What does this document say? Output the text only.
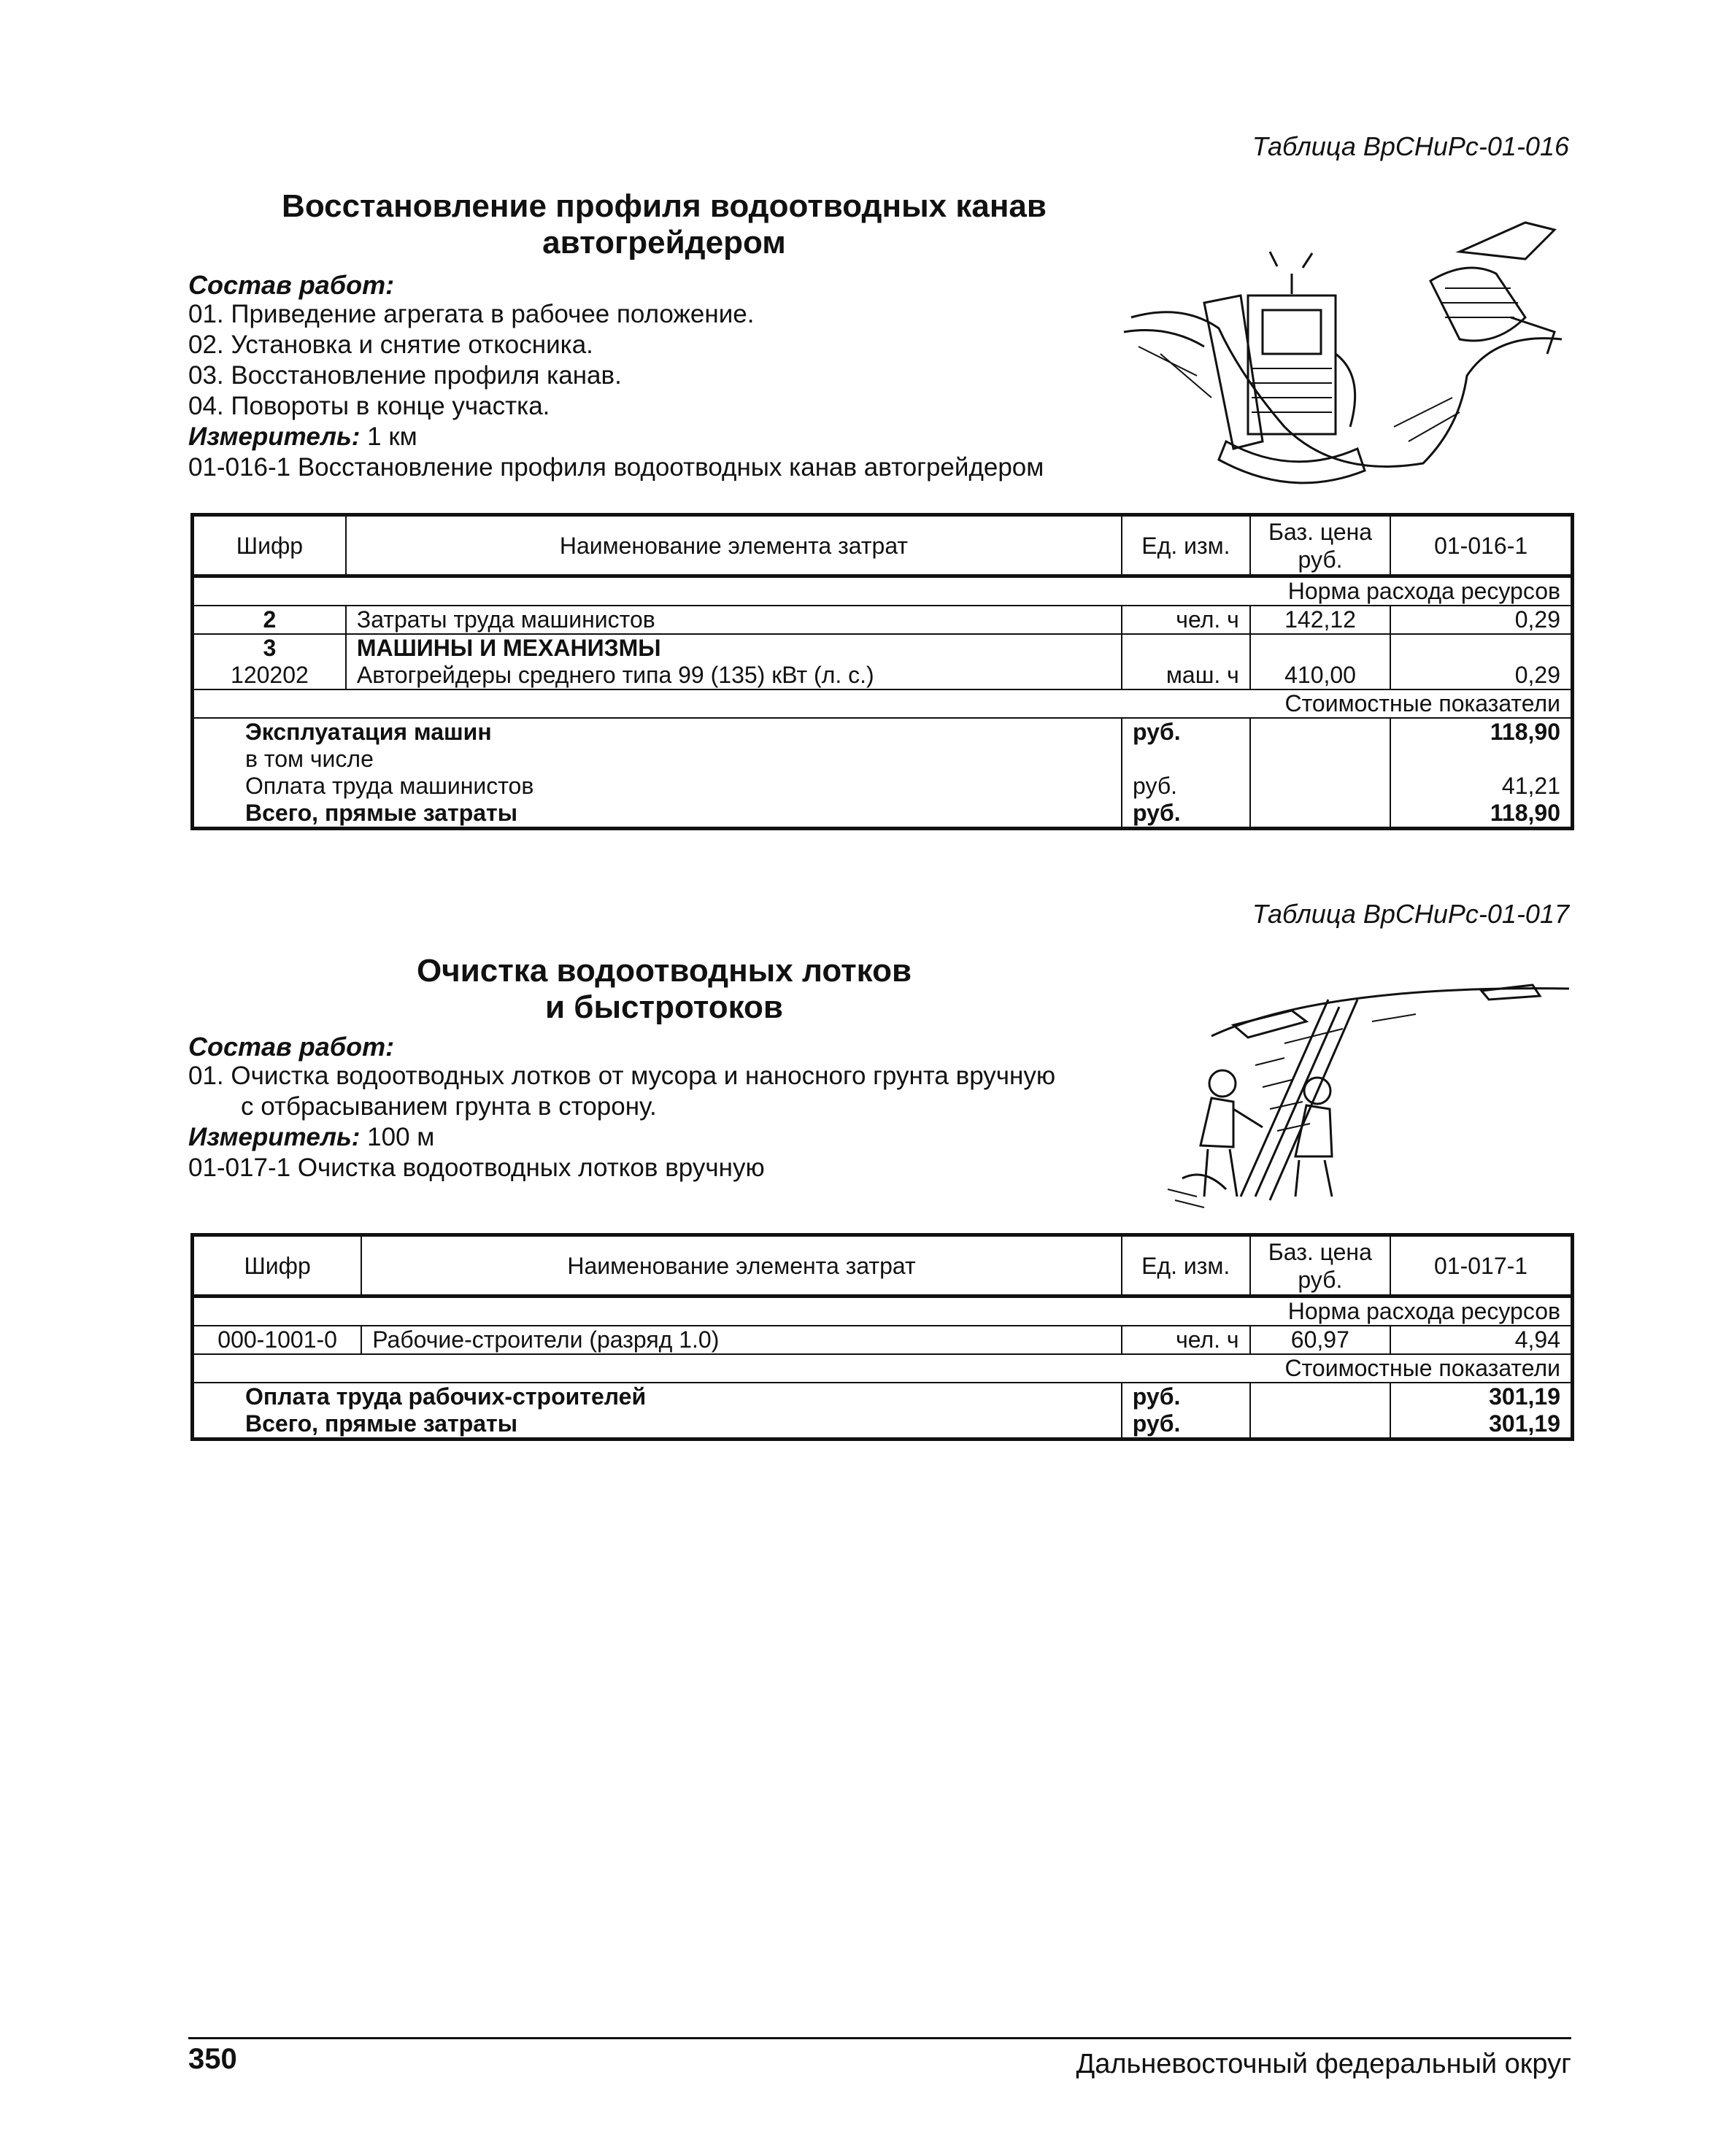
Таблица ВрСНиРс-01-016
Восстановление профиля водоотводных канав
автогрейдером
Состав работ:
01. Приведение агрегата в рабочее положение.
02. Установка и снятие откосника.
03. Восстановление профиля канав.
04. Повороты в конце участка.
Измеритель: 1 км
01-016-1 Восстановление профиля водоотводных канав автогрейдером
Шифр	Наименование элемента затрат	Ед. изм.	Баз. цена руб.	01-016-1
Норма расхода ресурсов				
2	Затраты труда машинистов	чел. ч	142,12	0,29
3	МАШИНЫ И МЕХАНИЗМЫ			
120202	Автогрейдеры среднего типа 99 (135) кВт (л. с.)	маш. ч	410,00	0,29
Стоимостные показатели				
Эксплуатация машин		руб.		118,90
в том числе				
Оплата труда машинистов		руб.		41,21
Всего, прямые затраты		руб.		118,90
Таблица ВрСНиРс-01-017
Очистка водоотводных лотков
и быстротоков
Состав работ:
01. Очистка водоотводных лотков от мусора и наносного грунта вручную
с отбрасыванием грунта в сторону.
Измеритель: 100 м
01-017-1 Очистка водоотводных лотков вручную
Шифр	Наименование элемента затрат	Ед. изм.	Баз. цена руб.	01-017-1
Норма расхода ресурсов				
000-1001-0	Рабочие-строители (разряд 1.0)	чел. ч	60,97	4,94
Стоимостные показатели				
Оплата труда рабочих-строителей		руб.		301,19
Всего, прямые затраты		руб.		301,19
350	Дальневосточный федеральный округ
